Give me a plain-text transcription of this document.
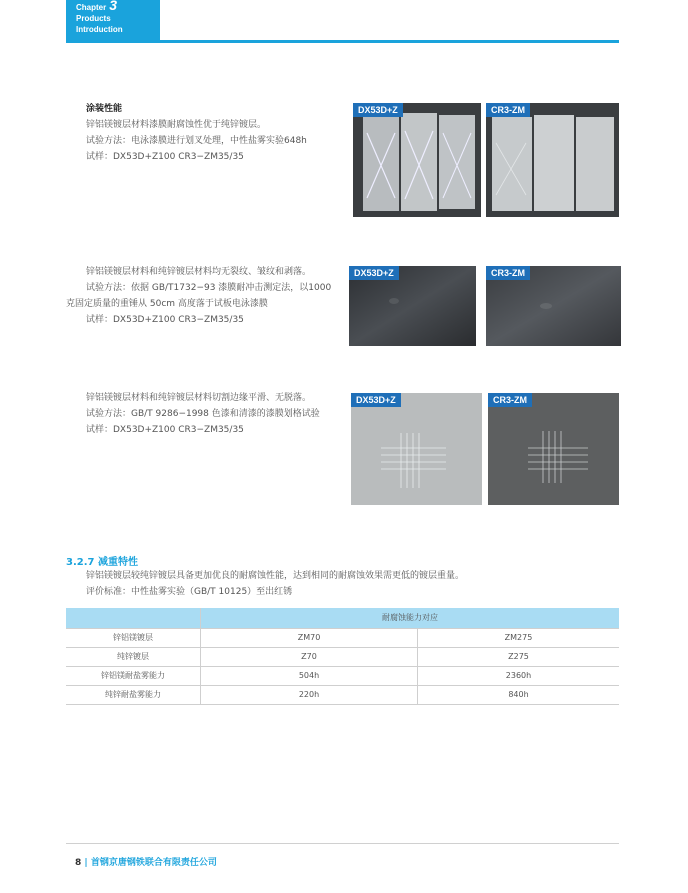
Chapter 3
Products
Introduction

涂装性能

锌铝镁镀层材料漆膜耐腐蚀性优于纯锌镀层。

试验方法：电泳漆膜进行划叉处理，中性盐雾实验648h

试样：DX53D+Z100 CR3−ZM35/35

DX53D+Z	CR3-ZM

锌铝镁镀层材料和纯锌镀层材料均无裂纹、皱纹和剥落。

试验方法：依据 GB/T1732−93 漆膜耐冲击测定法，以1000 克固定质量的重锤从 50cm 高度落于试板电泳漆膜

试样：DX53D+Z100 CR3−ZM35/35

DX53D+Z	CR3-ZM

锌铝镁镀层材料和纯锌镀层材料切割边缘平滑、无脱落。

试验方法：GB/T 9286−1998 色漆和清漆的漆膜划格试验

试样：DX53D+Z100 CR3−ZM35/35

DX53D+Z	CR3-ZM
3.2.7 减重特性

锌铝镁镀层较纯锌镀层具备更加优良的耐腐蚀性能，达到相同的耐腐蚀效果需更低的镀层重量。

评价标准：中性盐雾实验（GB/T 10125）至出红锈

	耐腐蚀能力对应	
锌铝镁镀层	ZM70	ZM275
纯锌镀层	Z70	Z275
锌铝镁耐盐雾能力	504h	2360h
纯锌耐盐雾能力	220h	840h
8 | 首钢京唐钢铁联合有限责任公司
